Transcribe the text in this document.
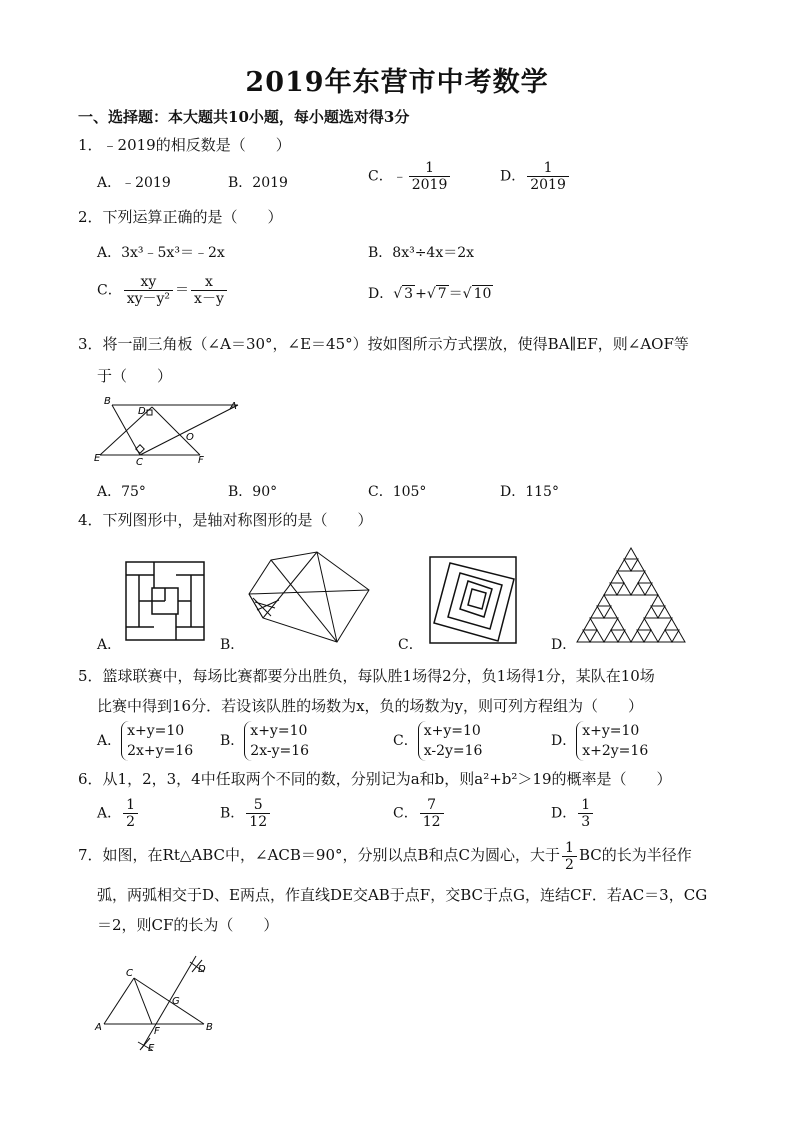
2019年东营市中考数学
一、选择题：本大题共10小题，每小题选对得3分
1．﹣2019的相反数是（　　）
A．﹣2019	B．2019	C．﹣ $\frac{1}{2019}$	D． $\frac{1}{2019}$
2．下列运算正确的是（　　）
A．3x³﹣5x³＝﹣2x	B．8x³÷4x＝2x
C． $\frac{xy}{\text{xy－y²}} = \frac{x}{x-y}$	D．√ 3 +√ 7 ＝√ 10
3．将一副三角板（∠A＝30°，∠E＝45°）按如图所示方式摆放，使得BA∥EF，则∠AOF等
于（　　）
B
D	A
O
E	C	F
A．75°	B．90°	C．105°	D．115°
4．下列图形中，是轴对称图形的是（　　）
A．	B．	C．	D．
5．篮球联赛中，每场比赛都要分出胜负，每队胜1场得2分，负1场得1分，某队在10场
比赛中得到16分．若设该队胜的场数为x，负的场数为y，则可列方程组为（　　）
A．x+y=10
2x+y=16
B．x+y=10
2x-y=16
C．x+y=10
x-2y=16
D．x+y=10
x+2y=16
6．从1，2，3，4中任取两个不同的数，分别记为a和b，则a²+b²＞19的概率是（　　）
A． $\frac{1}{2}$	B． $\frac{5}{12}$	C． $\frac{7}{12}$	D． $\frac{1}{3}$
7．如图，在Rt△ABC中，∠ACB＝90°，分别以点B和点C为圆心，大于 $\frac{1}{2}$ BC的长为半径作
弧，两弧相交于D、E两点，作直线DE交AB于点F，交BC于点G，连结CF．若AC＝3，CG
＝2，则CF的长为（　　）
C	D
G
A	F	B
E
